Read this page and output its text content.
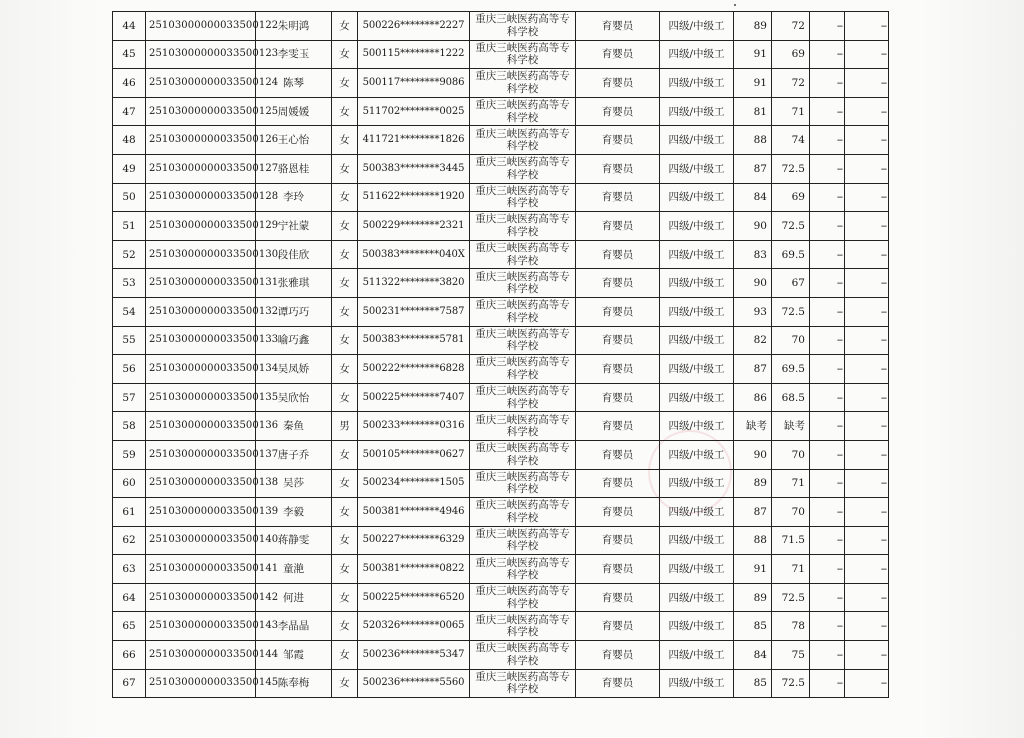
44	25103000000033500122	朱明鸿	女	500226********2227	重庆三峡医药高等专科学校	育婴员	四级/中级工	89	72	--	--
45	25103000000033500123	李雯玉	女	500115********1222	重庆三峡医药高等专科学校	育婴员	四级/中级工	91	69	--	--
46	25103000000033500124	陈琴	女	500117********9086	重庆三峡医药高等专科学校	育婴员	四级/中级工	91	72	--	--
47	25103000000033500125	周媛媛	女	511702********0025	重庆三峡医药高等专科学校	育婴员	四级/中级工	81	71	--	--
48	25103000000033500126	王心怡	女	411721********1826	重庆三峡医药高等专科学校	育婴员	四级/中级工	88	74	--	--
49	25103000000033500127	骆恩桂	女	500383********3445	重庆三峡医药高等专科学校	育婴员	四级/中级工	87	72.5	--	--
50	25103000000033500128	李玲	女	511622********1920	重庆三峡医药高等专科学校	育婴员	四级/中级工	84	69	--	--
51	25103000000033500129	宁社蒙	女	500229********2321	重庆三峡医药高等专科学校	育婴员	四级/中级工	90	72.5	--	--
52	25103000000033500130	段佳欣	女	500383********040X	重庆三峡医药高等专科学校	育婴员	四级/中级工	83	69.5	--	--
53	25103000000033500131	张雅琪	女	511322********3820	重庆三峡医药高等专科学校	育婴员	四级/中级工	90	67	--	--
54	25103000000033500132	谭巧巧	女	500231********7587	重庆三峡医药高等专科学校	育婴员	四级/中级工	93	72.5	--	--
55	25103000000033500133	喻巧鑫	女	500383********5781	重庆三峡医药高等专科学校	育婴员	四级/中级工	82	70	--	--
56	25103000000033500134	吴凤娇	女	500222********6828	重庆三峡医药高等专科学校	育婴员	四级/中级工	87	69.5	--	--
57	25103000000033500135	吴欣怡	女	500225********7407	重庆三峡医药高等专科学校	育婴员	四级/中级工	86	68.5	--	--
58	25103000000033500136	秦鱼	男	500233********0316	重庆三峡医药高等专科学校	育婴员	四级/中级工	缺考	缺考	--	--
59	25103000000033500137	唐子乔	女	500105********0627	重庆三峡医药高等专科学校	育婴员	四级/中级工	90	70	--	--
60	25103000000033500138	吴莎	女	500234********1505	重庆三峡医药高等专科学校	育婴员	四级/中级工	89	71	--	--
61	25103000000033500139	李毅	女	500381********4946	重庆三峡医药高等专科学校	育婴员	四级/中级工	87	70	--	--
62	25103000000033500140	蒋静雯	女	500227********6329	重庆三峡医药高等专科学校	育婴员	四级/中级工	88	71.5	--	--
63	25103000000033500141	童滟	女	500381********0822	重庆三峡医药高等专科学校	育婴员	四级/中级工	91	71	--	--
64	25103000000033500142	何进	女	500225********6520	重庆三峡医药高等专科学校	育婴员	四级/中级工	89	72.5	--	--
65	25103000000033500143	李晶晶	女	520326********0065	重庆三峡医药高等专科学校	育婴员	四级/中级工	85	78	--	--
66	25103000000033500144	邹霞	女	500236********5347	重庆三峡医药高等专科学校	育婴员	四级/中级工	84	75	--	--
67	25103000000033500145	陈奉梅	女	500236********5560	重庆三峡医药高等专科学校	育婴员	四级/中级工	85	72.5	--	--
